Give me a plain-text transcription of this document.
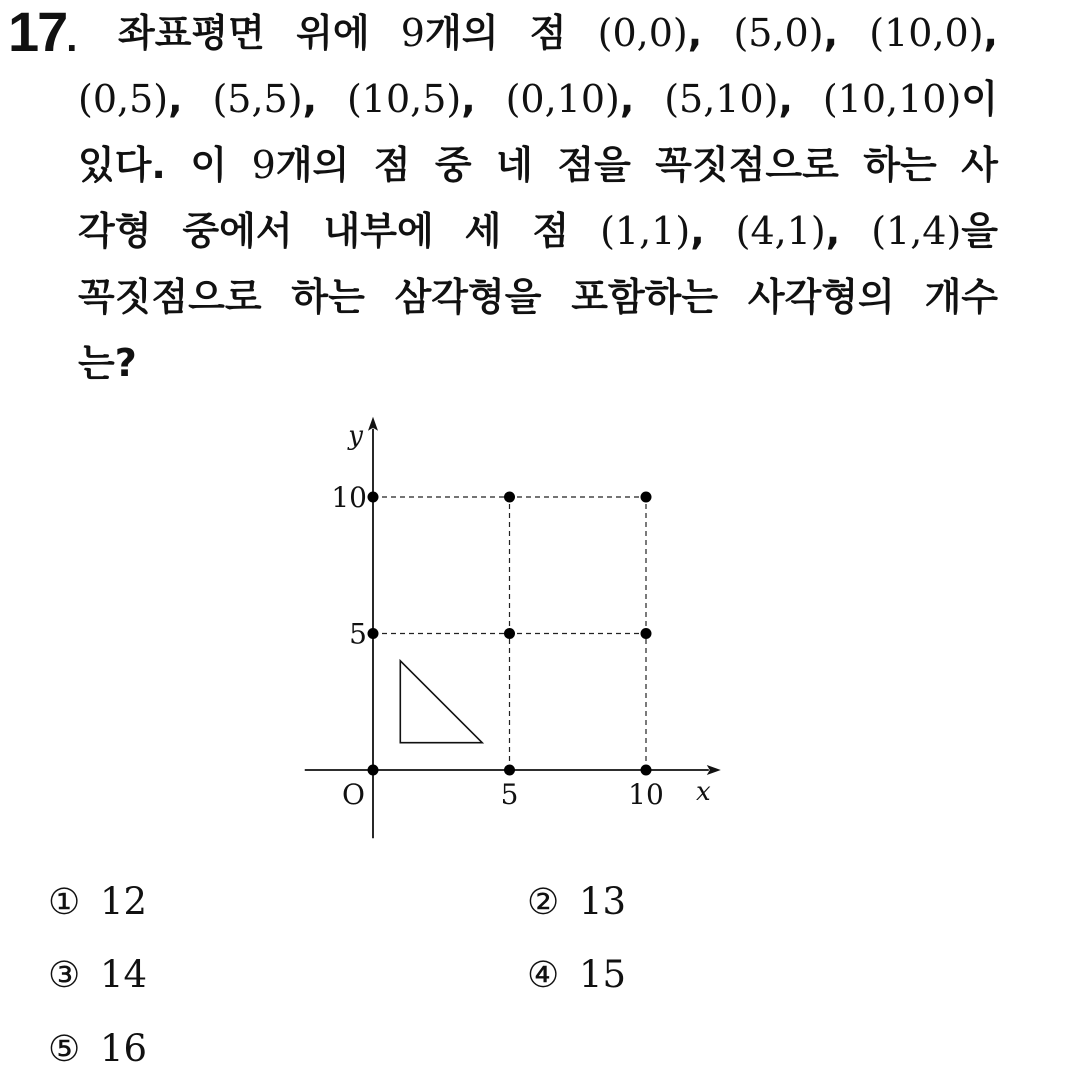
17. 좌표평면 위에 9개의 점 (0,0), (5,0), (10,0),
(0,5), (5,5), (10,5), (0,10), (5,10), (10,10)이
있다. 이 9개의 점 중 네 점을 꼭짓점으로 하는 사
각형 중에서 내부에 세 점 (1,1), (4,1), (1,4)을
꼭짓점으로 하는 삼각형을 포함하는 사각형의 개수
는?
5	10
5
10
O	x
y
① 12	② 13
③ 14	④ 15
⑤ 16
